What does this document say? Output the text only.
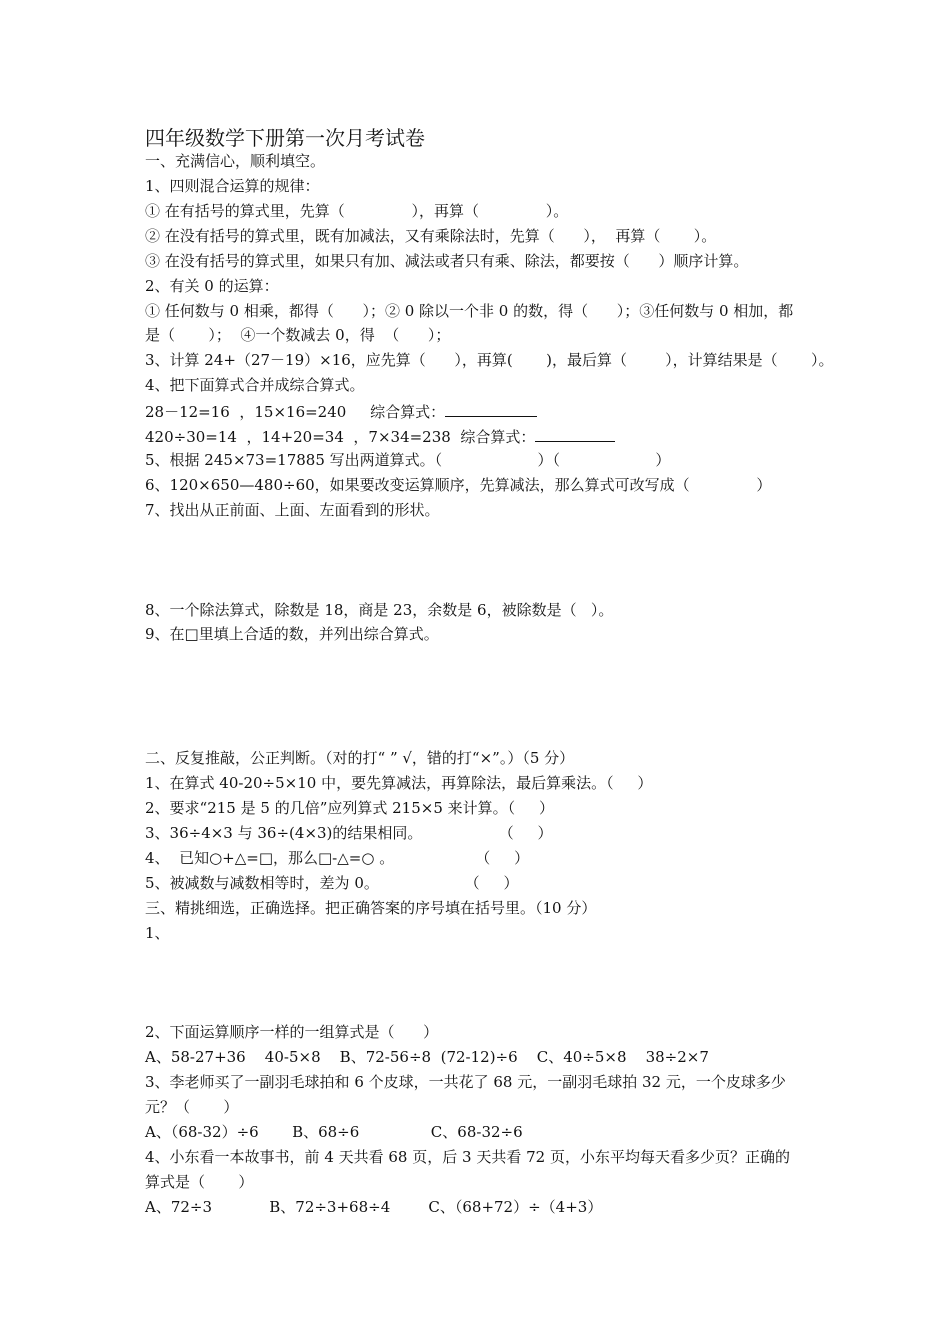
四年级数学下册第一次月考试卷
一、充满信心，顺利填空。
1、四则混合运算的规律：
① 在有括号的算式里，先算（              ），再算（              ）。
② 在没有括号的算式里，既有加减法，又有乘除法时，先算（      ），  再算（       ）。
③ 在没有括号的算式里，如果只有加、减法或者只有乘、除法，都要按（      ）顺序计算。
2、有关 0 的运算：
① 任何数与 0 相乘，都得（      ）；② 0 除以一个非 0 的数，得（      ）；③任何数与 0 相加，都
是（       ）；  ④一个数减去 0，得  （      ）；
3、计算 24+（27－19）×16，应先算（      ），再算(       )，最后算（        ），计算结果是（       ）。
4、把下面算式合并成综合算式。
28－12=16  ，15×16=240     综合算式：
420÷30=14  ，14+20=34  ，7×34=238  综合算式：
5、根据 245×73=17885 写出两道算式。（                    ）（                    ）
6、120×650—480÷60，如果要改变运算顺序，先算减法，那么算式可改写成（              ）
7、找出从正前面、上面、左面看到的形状。
8、一个除法算式，除数是 18，商是 23，余数是 6，被除数是（   ）。
9、在□里填上合适的数，并列出综合算式。
二、反复推敲，公正判断。（对的打“ ” √，错的打“×”。）（5 分）
1、在算式 40-20÷5×10 中，要先算减法，再算除法，最后算乘法。（     ）
2、要求“215 是 5 的几倍”应列算式 215×5 来计算。（     ）
3、36÷4×3 与 36÷(4×3)的结果相同。                （     ）
4、  已知○+△=□，那么□-△=○ 。                 （     ）
5、被减数与减数相等时，差为 0。                  （     ）
三、精挑细选，正确选择。把正确答案的序号填在括号里。（10 分）
1、
2、下面运算顺序一样的一组算式是（      ）
A、58-27+36    40-5×8    B、72-56÷8  (72-12)÷6    C、40÷5×8    38÷2×7
3、李老师买了一副羽毛球拍和 6 个皮球，一共花了 68 元，一副羽毛球拍 32 元，一个皮球多少
元？（       ）
A、（68-32）÷6       B、68÷6               C、68-32÷6
4、小东看一本故事书，前 4 天共看 68 页，后 3 天共看 72 页，小东平均每天看多少页？正确的
算式是（       ）
A、72÷3            B、72÷3+68÷4        C、（68+72）÷（4+3）
